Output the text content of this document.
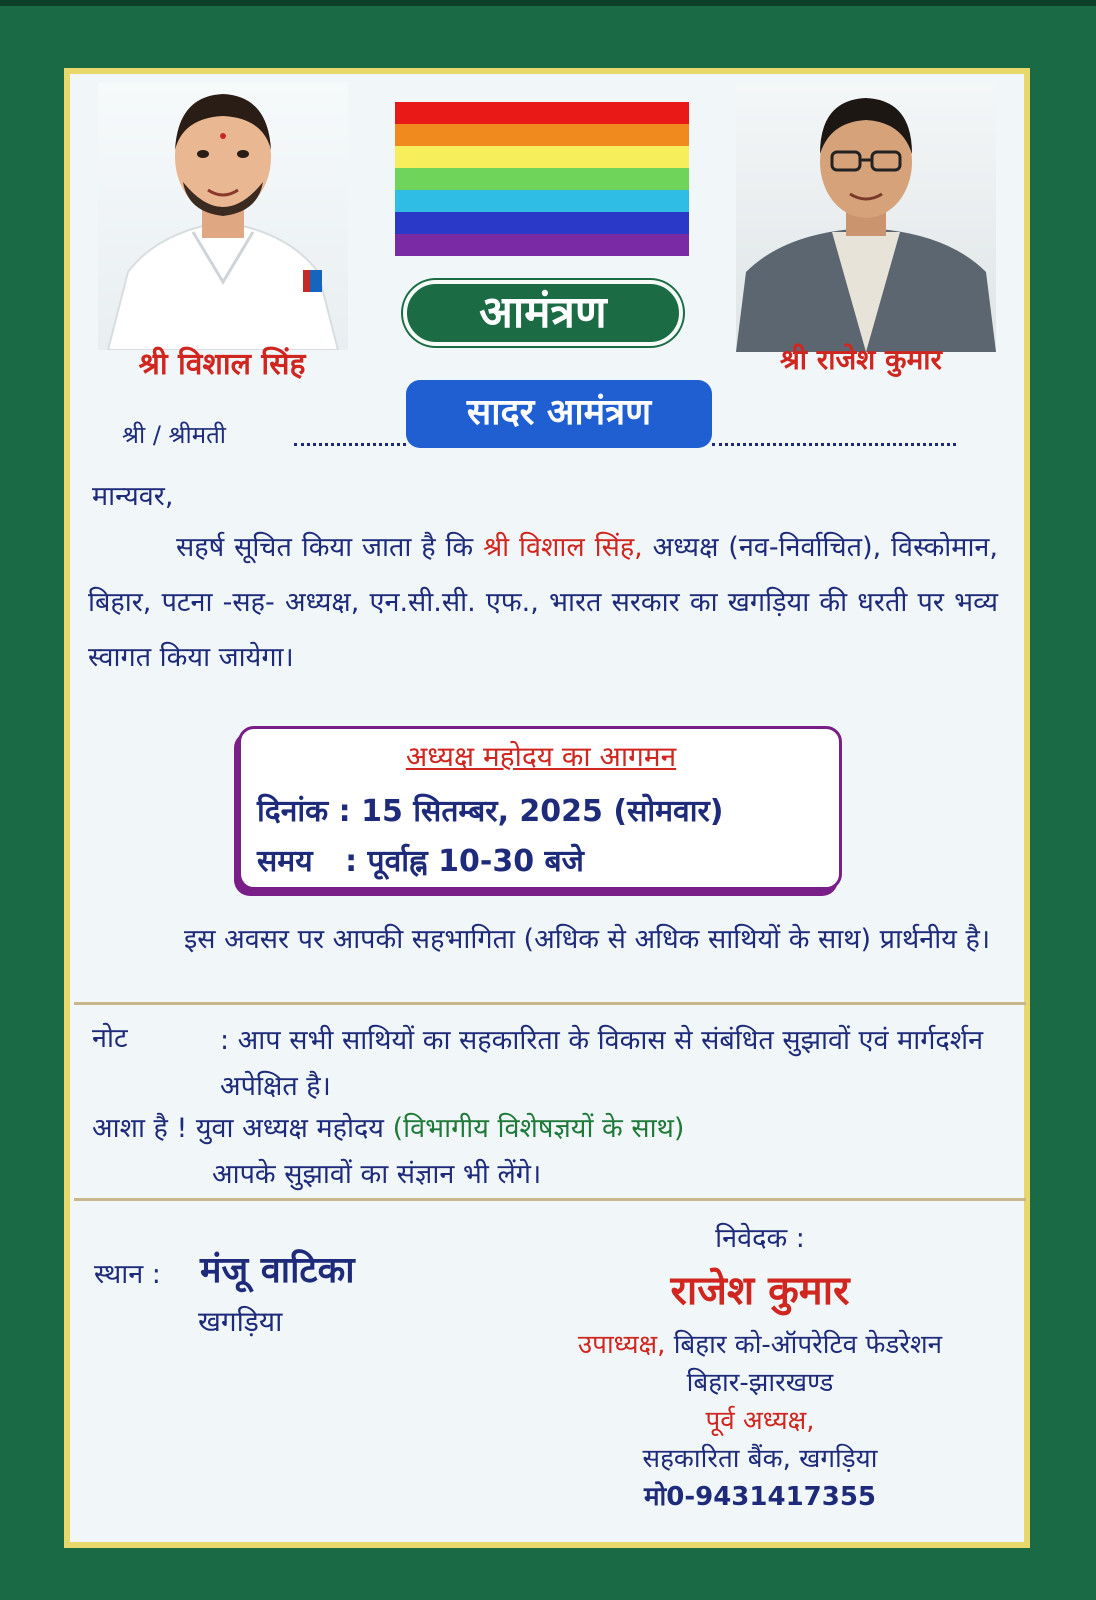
श्री विशाल सिंह
आमंत्रण
श्री राजेश कुमार
श्री / श्रीमती
सादर आमंत्रण
मान्यवर,
सहर्ष सूचित किया जाता है कि श्री विशाल सिंह, अध्यक्ष (नव-निर्वाचित), विस्कोमान, बिहार, पटना -सह- अध्यक्ष, एन.सी.सी. एफ., भारत सरकार का खगड़िया की धरती पर भव्य स्वागत किया जायेगा।
अध्यक्ष महोदय का आगमन
दिनांक : 15 सितम्बर, 2025 (सोमवार)
समय : पूर्वाह्न 10-30 बजे
इस अवसर पर आपकी सहभागिता (अधिक से अधिक साथियों के साथ) प्रार्थनीय है।
नोट	: आप सभी साथियों का सहकारिता के विकास से संबंधित सुझावों एवं मार्गदर्शन अपेक्षित है।
आशा है ! युवा अध्यक्ष महोदय (विभागीय विशेषज्ञयों के साथ)
आपके सुझावों का संज्ञान भी लेंगे।
स्थान : मंजू वाटिका
खगड़िया
निवेदक :
राजेश कुमार
उपाध्यक्ष, बिहार को-ऑपरेटिव फेडरेशन
बिहार-झारखण्ड
पूर्व अध्यक्ष,
सहकारिता बैंक, खगड़िया
मो0-9431417355
